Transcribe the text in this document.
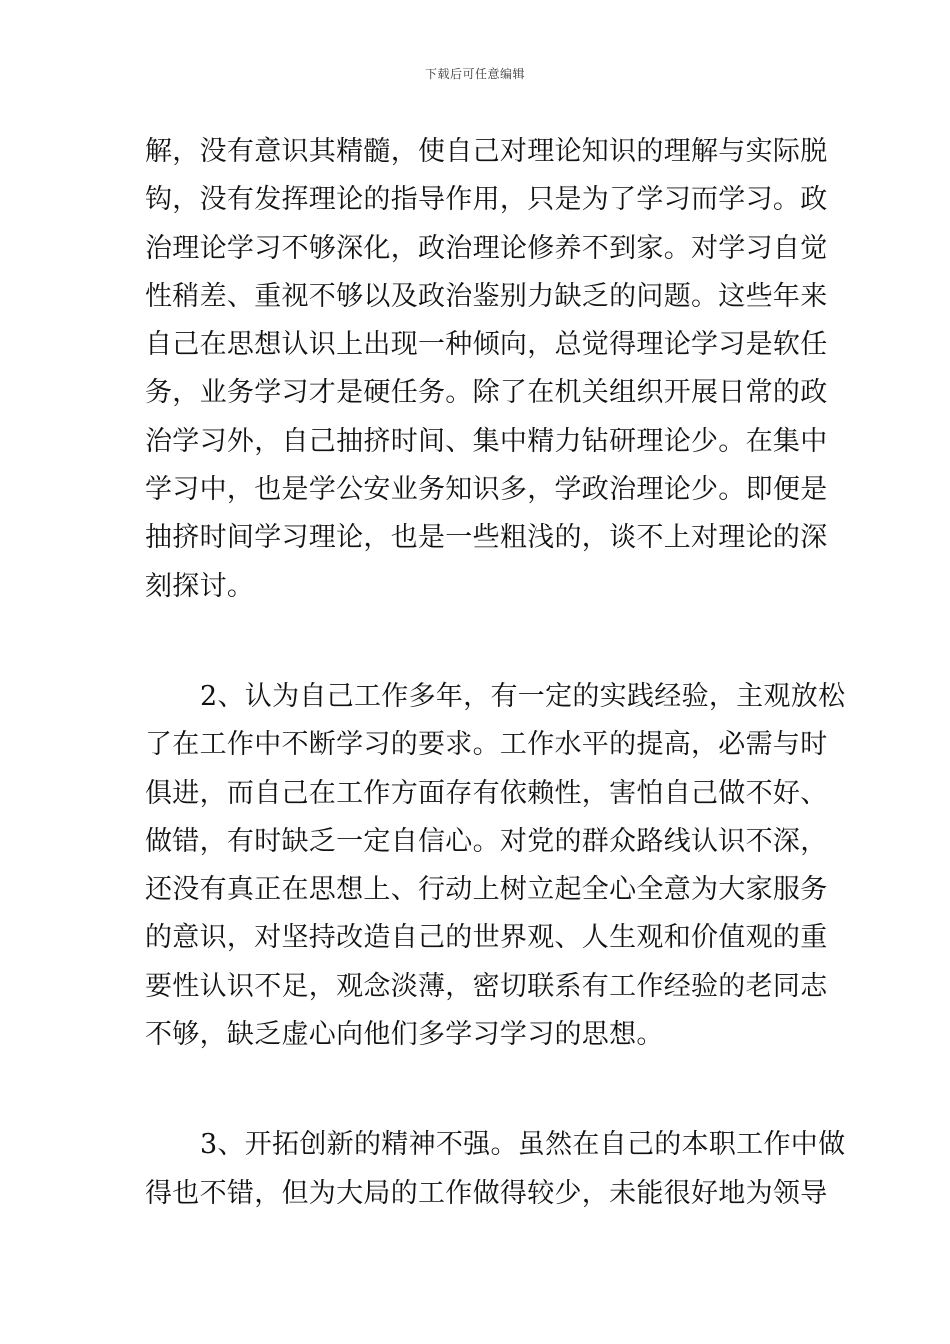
下载后可任意编辑
解，没有意识其精髓，使自己对理论知识的理解与实际脱
钩，没有发挥理论的指导作用，只是为了学习而学习。政
治理论学习不够深化，政治理论修养不到家。对学习自觉
性稍差、重视不够以及政治鉴别力缺乏的问题。这些年来
自己在思想认识上出现一种倾向，总觉得理论学习是软任
务，业务学习才是硬任务。除了在机关组织开展日常的政
治学习外，自己抽挤时间、集中精力钻研理论少。在集中
学习中，也是学公安业务知识多，学政治理论少。即便是
抽挤时间学习理论，也是一些粗浅的，谈不上对理论的深
刻探讨。
2、认为自己工作多年，有一定的实践经验，主观放松
了在工作中不断学习的要求。工作水平的提高，必需与时
俱进，而自己在工作方面存有依赖性，害怕自己做不好、
做错，有时缺乏一定自信心。对党的群众路线认识不深，
还没有真正在思想上、行动上树立起全心全意为大家服务
的意识，对坚持改造自己的世界观、人生观和价值观的重
要性认识不足，观念淡薄，密切联系有工作经验的老同志
不够，缺乏虚心向他们多学习学习的思想。
3、开拓创新的精神不强。虽然在自己的本职工作中做
得也不错，但为大局的工作做得较少，未能很好地为领导
